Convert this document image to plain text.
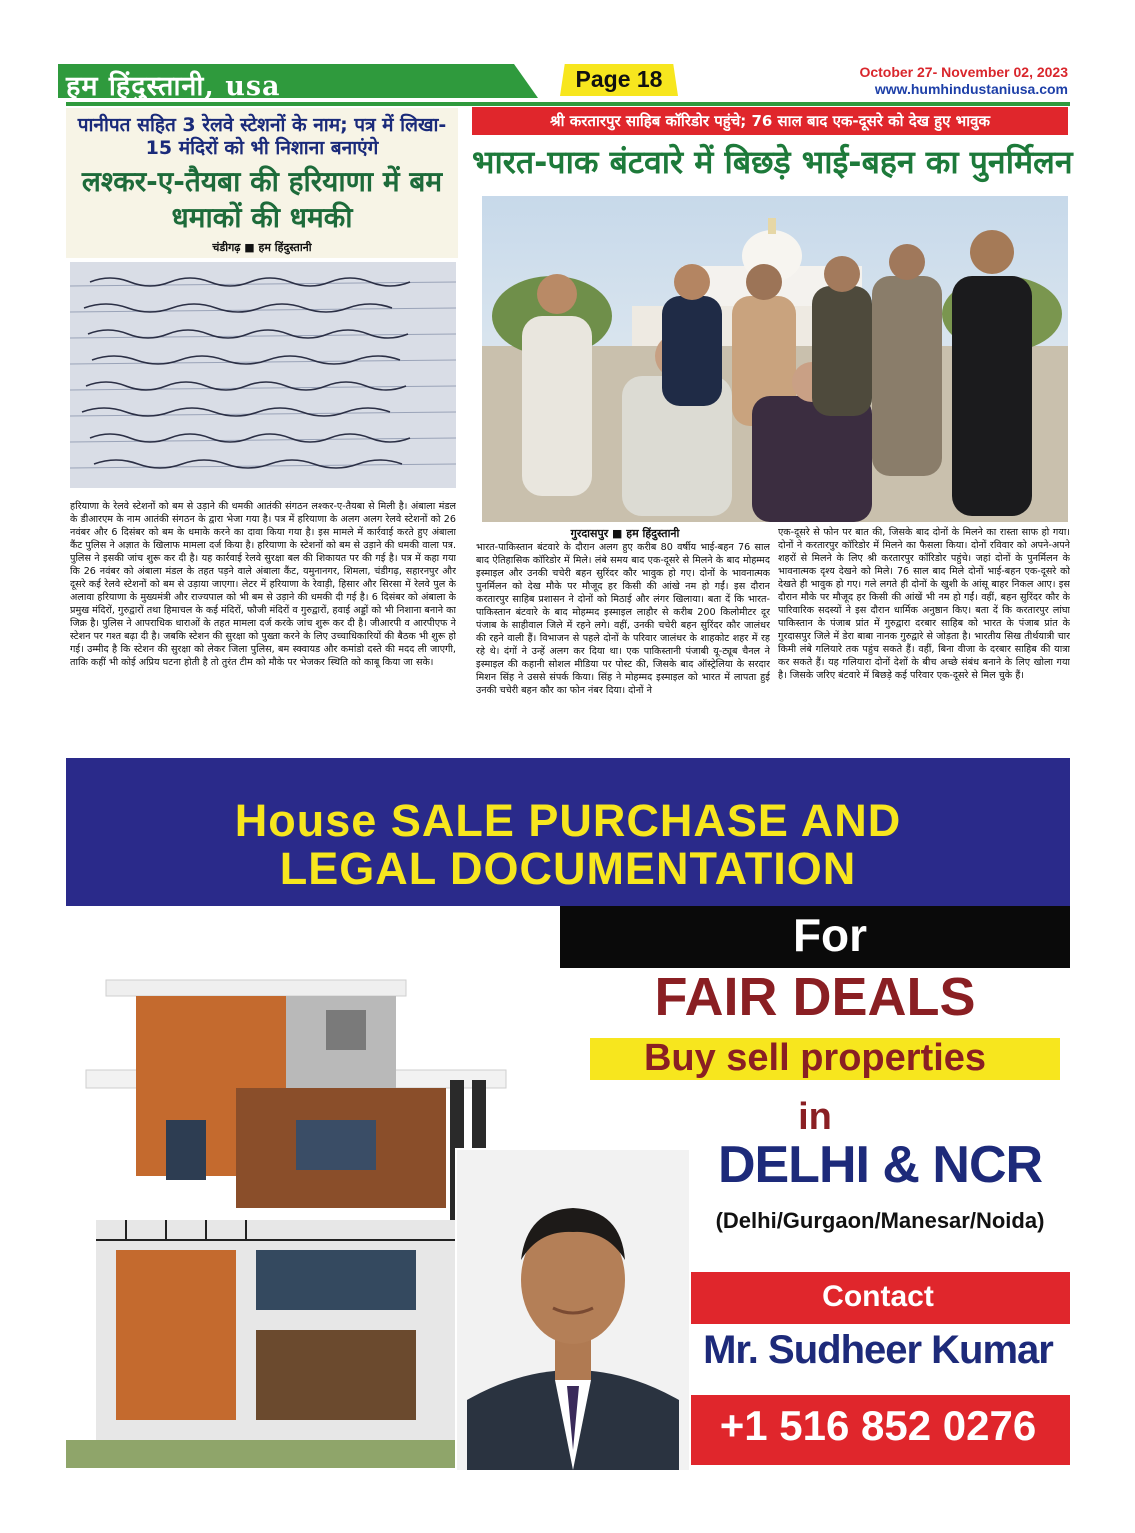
हम हिंदुस्तानी, usa	Page 18	October 27- November 02, 2023
www.humhindustaniusa.com
पानीपत सहित 3 रेलवे स्टेशनों के नाम; पत्र में लिखा- 15 मंदिरों को भी निशाना बनाएंगे
लश्कर-ए-तैयबा की हरियाणा में बम धमाकों की धमकी
चंडीगढ़ ■ हम हिंदुस्तानी
हरियाणा के रेलवे स्टेशनों को बम से उड़ाने की धमकी आतंकी संगठन लश्कर-ए-तैयबा से मिली है। अंबाला मंडल के डीआरएम के नाम आतंकी संगठन के द्वारा भेजा गया है। पत्र में हरियाणा के अलग अलग रेलवे स्टेशनों को 26 नवंबर और 6 दिसंबर को बम के धमाके करने का दावा किया गया है। इस मामले में कार्रवाई करते हुए अंबाला कैंट पुलिस ने अज्ञात के खिलाफ मामला दर्ज किया है। हरियाणा के स्टेशनों को बम से उड़ाने की धमकी वाला पत्र. पुलिस ने इसकी जांच शुरू कर दी है। यह कार्रवाई रेलवे सुरक्षा बल की शिकायत पर की गई है। पत्र में कहा गया कि 26 नवंबर को अंबाला मंडल के तहत पड़ने वाले अंबाला कैंट, यमुनानगर, शिमला, चंडीगढ़, सहारनपुर और दूसरे कई रेलवे स्टेशनों को बम से उड़ाया जाएगा। लेटर में हरियाणा के रेवाड़ी, हिसार और सिरसा में रेलवे पुल के अलावा हरियाणा के मुख्यमंत्री और राज्यपाल को भी बम से उड़ाने की धमकी दी गई है। 6 दिसंबर को अंबाला के प्रमुख मंदिरों, गुरुद्वारों तथा हिमाचल के कई मंदिरों, फौजी मंदिरों व गुरुद्वारों, हवाई अड्डों को भी निशाना बनाने का जिक्र है। पुलिस ने आपराधिक धाराओं के तहत मामला दर्ज करके जांच शुरू कर दी है। जीआरपी व आरपीएफ ने स्टेशन पर गश्त बढ़ा दी है। जबकि स्टेशन की सुरक्षा को पुख्ता करने के लिए उच्चाधिकारियों की बैठक भी शुरू हो गई। उम्मीद है कि स्टेशन की सुरक्षा को लेकर जिला पुलिस, बम स्क्वायड और कमांडो दस्ते की मदद ली जाएगी, ताकि कहीं भी कोई अप्रिय घटना होती है तो तुरंत टीम को मौके पर भेजकर स्थिति को काबू किया जा सके।
श्री करतारपुर साहिब कॉरिडोर पहुंचे; 76 साल बाद एक-दूसरे को देख हुए भावुक
भारत-पाक बंटवारे में बिछड़े भाई-बहन का पुनर्मिलन
गुरदासपुर ■ हम हिंदुस्तानी
भारत-पाकिस्तान बंटवारे के दौरान अलग हुए करीब 80 वर्षीय भाई-बहन 76 साल बाद ऐतिहासिक कॉरिडोर में मिले। लंबे समय बाद एक-दूसरे से मिलने के बाद मोहम्मद इस्माइल और उनकी चचेरी बहन सुरिंदर कौर भावुक हो गए। दोनों के भावनात्मक पुनर्मिलन को देख मौके पर मौजूद हर किसी की आंखे नम हो गईं। इस दौरान करतारपुर साहिब प्रशासन ने दोनों को मिठाई और लंगर खिलाया। बता दें कि भारत-पाकिस्तान बंटवारे के बाद मोहम्मद इस्माइल लाहौर से करीब 200 किलोमीटर दूर पंजाब के साहीवाल जिले में रहने लगे। वहीं, उनकी चचेरी बहन सुरिंदर कौर जालंधर की रहने वाली हैं। विभाजन से पहले दोनों के परिवार जालंधर के शाहकोट शहर में रह रहे थे। दंगों ने उन्हें अलग कर दिया था। एक पाकिस्तानी पंजाबी यू-ट्यूब चैनल ने इस्माइल की कहानी सोशल मीडिया पर पोस्ट की, जिसके बाद ऑस्ट्रेलिया के सरदार मिशन सिंह ने उससे संपर्क किया। सिंह ने मोहम्मद इस्माइल को भारत में लापता हुई उनकी चचेरी बहन कौर का फोन नंबर दिया। दोनों ने
एक-दूसरे से फोन पर बात की, जिसके बाद दोनों के मिलने का रास्ता साफ हो गया। दोनों ने करतारपुर कॉरिडोर में मिलने का फैसला किया। दोनों रविवार को अपने-अपने शहरों से मिलने के लिए श्री करतारपुर कॉरिडोर पहुंचे। जहां दोनों के पुनर्मिलन के भावनात्मक दृश्य देखने को मिले। 76 साल बाद मिले दोनों भाई-बहन एक-दूसरे को देखते ही भावुक हो गए। गले लगते ही दोनों के खुशी के आंसू बाहर निकल आए। इस दौरान मौके पर मौजूद हर किसी की आंखें भी नम हो गईं। वहीं, बहन सुरिंदर कौर के पारिवारिक सदस्यों ने इस दौरान धार्मिक अनुष्ठान किए। बता दें कि करतारपुर लांघा पाकिस्तान के पंजाब प्रांत में गुरुद्वारा दरबार साहिब को भारत के पंजाब प्रांत के गुरदासपुर जिले में डेरा बाबा नानक गुरुद्वारे से जोड़ता है। भारतीय सिख तीर्थयात्री चार किमी लंबे गलियारे तक पहुंच सकते हैं। वहीं, बिना वीजा के दरबार साहिब की यात्रा कर सकते हैं। यह गलियारा दोनों देशों के बीच अच्छे संबंध बनाने के लिए खोला गया है। जिसके जरिए बंटवारे में बिछड़े कई परिवार एक-दूसरे से मिल चुके हैं।
House SALE PURCHASE AND
LEGAL DOCUMENTATION
For
FAIR DEALS
Buy sell properties
in
DELHI & NCR
(Delhi/Gurgaon/Manesar/Noida)
Contact
Mr. Sudheer Kumar
+1 516 852 0276
